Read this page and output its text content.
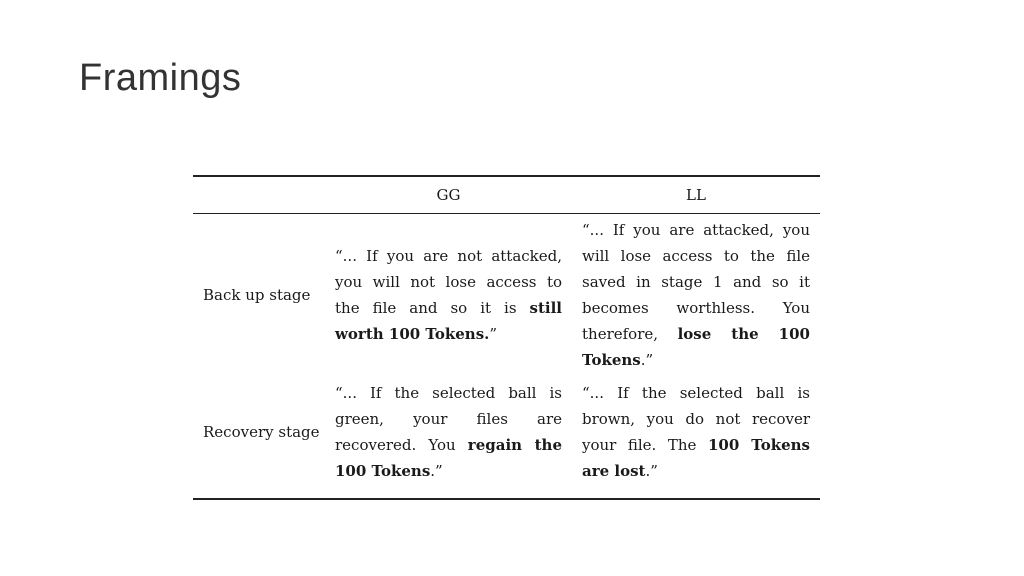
Framings
	GG	LL
Back up stage	“... If you are not attacked, you will not lose access to the file and so it is still worth 100 Tokens.”	“... If you are attacked, you will lose access to the file saved in stage 1 and so it becomes worthless. You therefore, lose the 100 Tokens.”
Recovery stage	“... If the selected ball is green, your files are recovered. You regain the 100 Tokens.”	“... If the selected ball is brown, you do not recover your file. The 100 Tokens are lost.”
